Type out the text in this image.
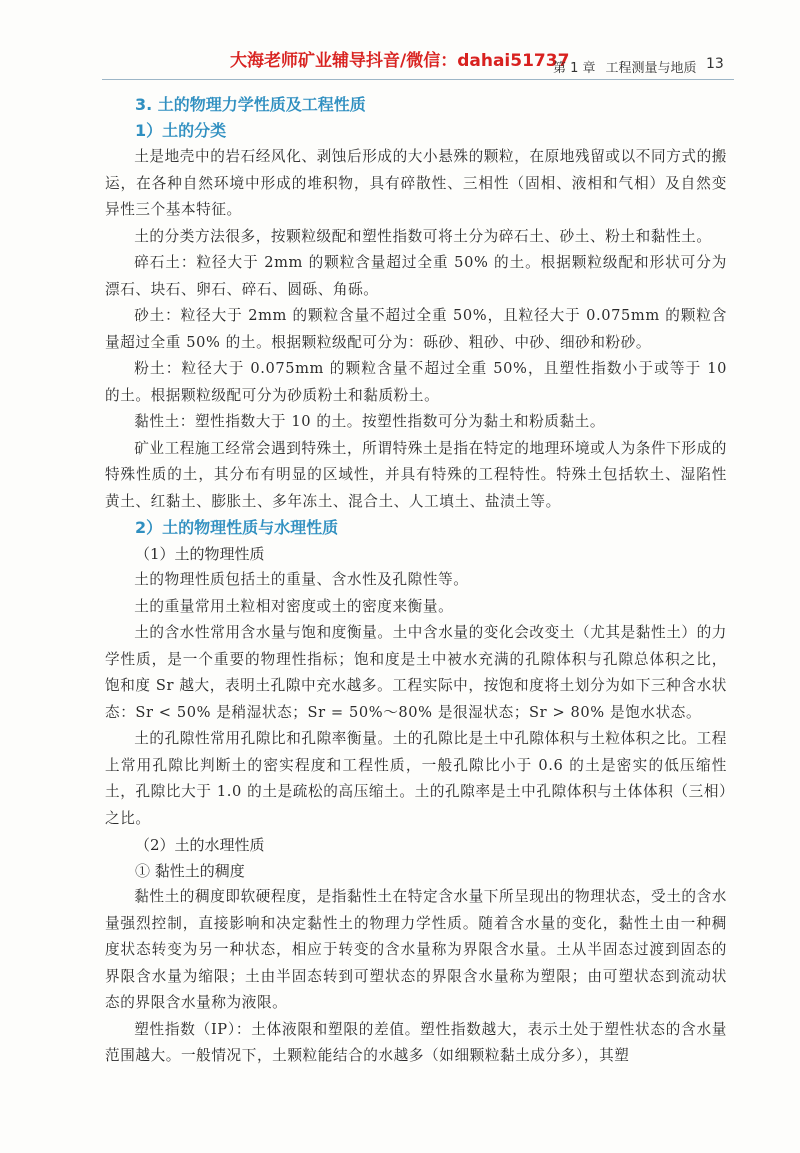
大海老师矿业辅导抖音/微信：dahai51737
第 1 章 工程测量与地质 13
3. 土的物理力学性质及工程性质
1）土的分类

土是地壳中的岩石经风化、剥蚀后形成的大小悬殊的颗粒，在原地残留或以不同方式的搬运，在各种自然环境中形成的堆积物，具有碎散性、三相性（固相、液相和气相）及自然变异性三个基本特征。

土的分类方法很多，按颗粒级配和塑性指数可将土分为碎石土、砂土、粉土和黏性土。

碎石土：粒径大于 2mm 的颗粒含量超过全重 50% 的土。根据颗粒级配和形状可分为漂石、块石、卵石、碎石、圆砾、角砾。

砂土：粒径大于 2mm 的颗粒含量不超过全重 50%，且粒径大于 0.075mm 的颗粒含量超过全重 50% 的土。根据颗粒级配可分为：砾砂、粗砂、中砂、细砂和粉砂。

粉土：粒径大于 0.075mm 的颗粒含量不超过全重 50%，且塑性指数小于或等于 10 的土。根据颗粒级配可分为砂质粉土和黏质粉土。

黏性土：塑性指数大于 10 的土。按塑性指数可分为黏土和粉质黏土。

矿业工程施工经常会遇到特殊土，所谓特殊土是指在特定的地理环境或人为条件下形成的特殊性质的土，其分布有明显的区域性，并具有特殊的工程特性。特殊土包括软土、湿陷性黄土、红黏土、膨胀土、多年冻土、混合土、人工填土、盐渍土等。

2）土的物理性质与水理性质
（1）土的物理性质

土的物理性质包括土的重量、含水性及孔隙性等。

土的重量常用土粒相对密度或土的密度来衡量。

土的含水性常用含水量与饱和度衡量。土中含水量的变化会改变土（尤其是黏性土）的力学性质，是一个重要的物理性指标；饱和度是土中被水充满的孔隙体积与孔隙总体积之比，饱和度 Sr 越大，表明土孔隙中充水越多。工程实际中，按饱和度将土划分为如下三种含水状态：Sr < 50% 是稍湿状态；Sr = 50%～80% 是很湿状态；Sr > 80% 是饱水状态。

土的孔隙性常用孔隙比和孔隙率衡量。土的孔隙比是土中孔隙体积与土粒体积之比。工程上常用孔隙比判断土的密实程度和工程性质，一般孔隙比小于 0.6 的土是密实的低压缩性土，孔隙比大于 1.0 的土是疏松的高压缩土。土的孔隙率是土中孔隙体积与土体体积（三相）之比。

（2）土的水理性质
① 黏性土的稠度

黏性土的稠度即软硬程度，是指黏性土在特定含水量下所呈现出的物理状态，受土的含水量强烈控制，直接影响和决定黏性土的物理力学性质。随着含水量的变化，黏性土由一种稠度状态转变为另一种状态，相应于转变的含水量称为界限含水量。土从半固态过渡到固态的界限含水量为缩限；土由半固态转到可塑状态的界限含水量称为塑限；由可塑状态到流动状态的界限含水量称为液限。

塑性指数（IP）：土体液限和塑限的差值。塑性指数越大，表示土处于塑性状态的含水量范围越大。一般情况下，土颗粒能结合的水越多（如细颗粒黏土成分多），其塑
